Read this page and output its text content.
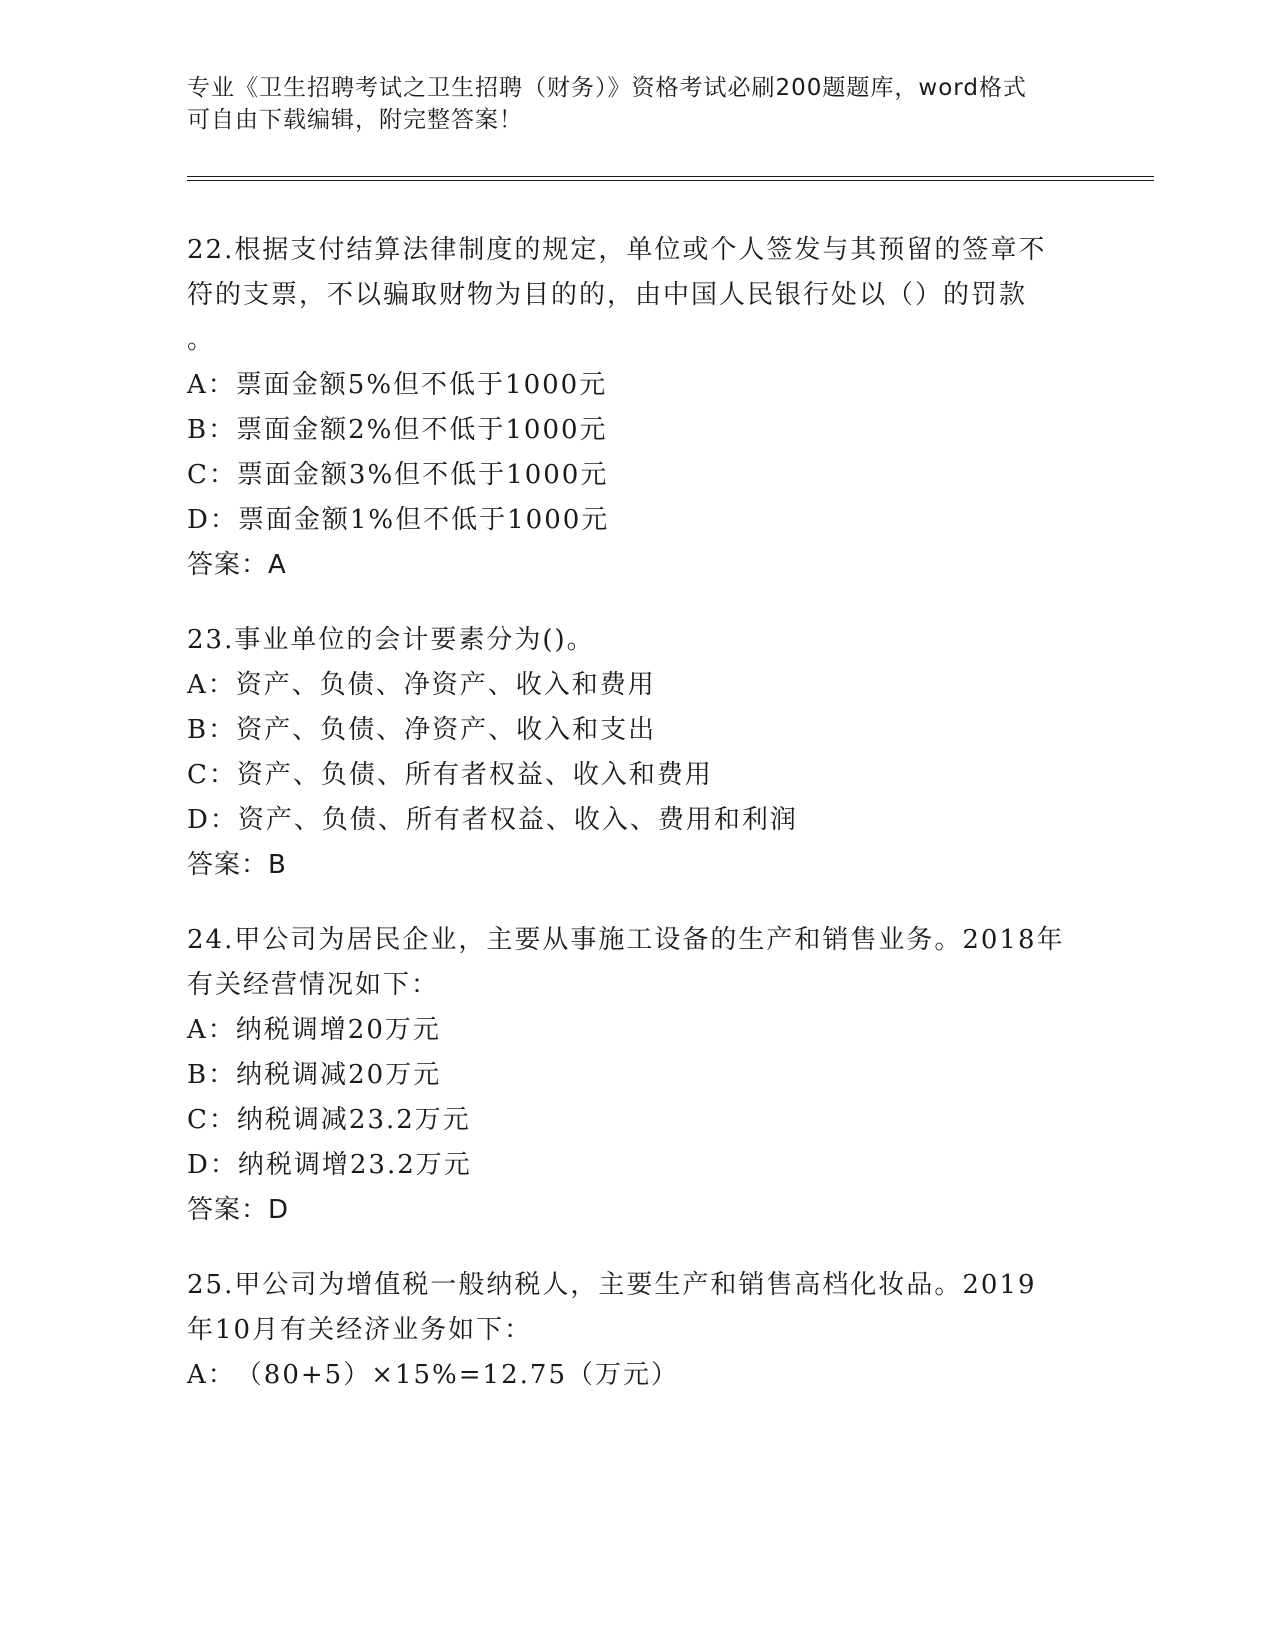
专业《卫生招聘考试之卫生招聘（财务）》资格考试必刷200题题库，word格式
可自由下载编辑，附完整答案！
22.根据支付结算法律制度的规定，单位或个人签发与其预留的签章不
符的支票，不以骗取财物为目的的，由中国人民银行处以（）的罚款
。
A： 票面金额5%但不低于1000元
B： 票面金额2%但不低于1000元
C： 票面金额3%但不低于1000元
D： 票面金额1%但不低于1000元
答案：A
23.事业单位的会计要素分为()。
A： 资产、负债、净资产、收入和费用
B： 资产、负债、净资产、收入和支出
C： 资产、负债、所有者权益、收入和费用
D： 资产、负债、所有者权益、收入、费用和利润
答案：B
24.甲公司为居民企业，主要从事施工设备的生产和销售业务。2018年
有关经营情况如下：
A： 纳税调增20万元
B： 纳税调减20万元
C： 纳税调减23.2万元
D： 纳税调增23.2万元
答案：D
25.甲公司为增值税一般纳税人，主要生产和销售高档化妆品。2019
年10月有关经济业务如下：
A： （80+5）×15%=12.75（万元）
